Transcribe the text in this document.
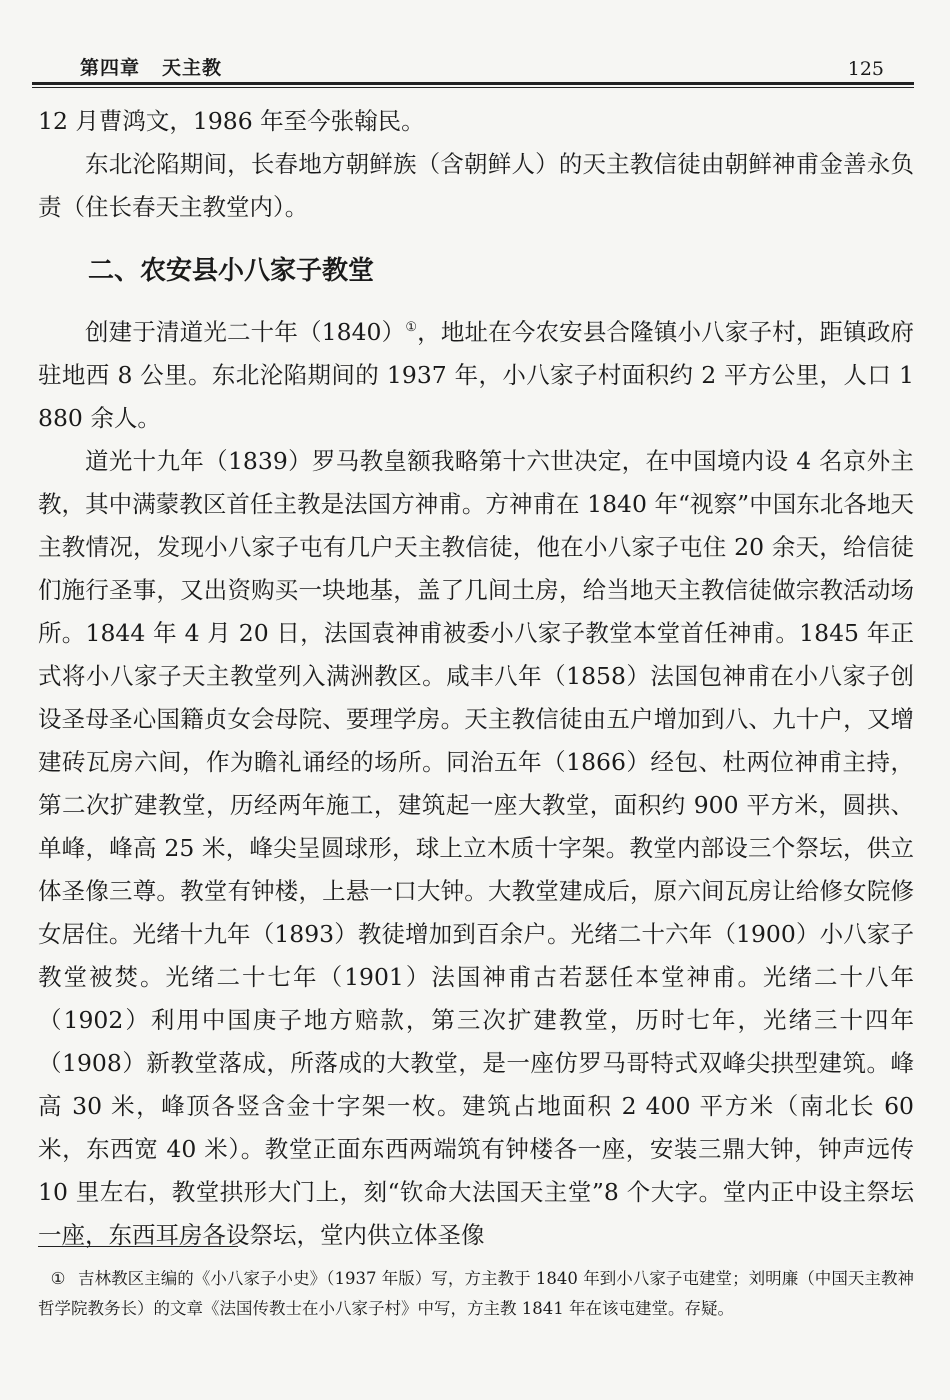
第四章 天主教	125

12 月曹鸿文，1986 年至今张翰民。

东北沦陷期间，长春地方朝鲜族（含朝鲜人）的天主教信徒由朝鲜神甫金善永负责（住长春天主教堂内）。

二、农安县小八家子教堂

创建于清道光二十年（1840）①，地址在今农安县合隆镇小八家子村，距镇政府驻地西 8 公里。东北沦陷期间的 1937 年，小八家子村面积约 2 平方公里，人口 1 880 余人。

道光十九年（1839）罗马教皇额我略第十六世决定，在中国境内设 4 名京外主教，其中满蒙教区首任主教是法国方神甫。方神甫在 1840 年“视察”中国东北各地天主教情况，发现小八家子屯有几户天主教信徒，他在小八家子屯住 20 余天，给信徒们施行圣事，又出资购买一块地基，盖了几间土房，给当地天主教信徒做宗教活动场所。1844 年 4 月 20 日，法国袁神甫被委小八家子教堂本堂首任神甫。1845 年正式将小八家子天主教堂列入满洲教区。咸丰八年（1858）法国包神甫在小八家子创设圣母圣心国籍贞女会母院、要理学房。天主教信徒由五户增加到八、九十户，又增建砖瓦房六间，作为瞻礼诵经的场所。同治五年（1866）经包、杜两位神甫主持，第二次扩建教堂，历经两年施工，建筑起一座大教堂，面积约 900 平方米，圆拱、单峰，峰高 25 米，峰尖呈圆球形，球上立木质十字架。教堂内部设三个祭坛，供立体圣像三尊。教堂有钟楼，上悬一口大钟。大教堂建成后，原六间瓦房让给修女院修女居住。光绪十九年（1893）教徒增加到百余户。光绪二十六年（1900）小八家子教堂被焚。光绪二十七年（1901）法国神甫古若瑟任本堂神甫。光绪二十八年（1902）利用中国庚子地方赔款，第三次扩建教堂，历时七年，光绪三十四年（1908）新教堂落成，所落成的大教堂，是一座仿罗马哥特式双峰尖拱型建筑。峰高 30 米，峰顶各竖含金十字架一枚。建筑占地面积 2 400 平方米（南北长 60 米，东西宽 40 米）。教堂正面东西两端筑有钟楼各一座，安装三鼎大钟，钟声远传 10 里左右，教堂拱形大门上，刻“钦命大法国天主堂”8 个大字。堂内正中设主祭坛一座，东西耳房各设祭坛，堂内供立体圣像

① 吉林教区主编的《小八家子小史》（1937 年版）写，方主教于 1840 年到小八家子屯建堂；刘明廉（中国天主教神哲学院教务长）的文章《法国传教士在小八家子村》中写，方主教 1841 年在该屯建堂。存疑。
